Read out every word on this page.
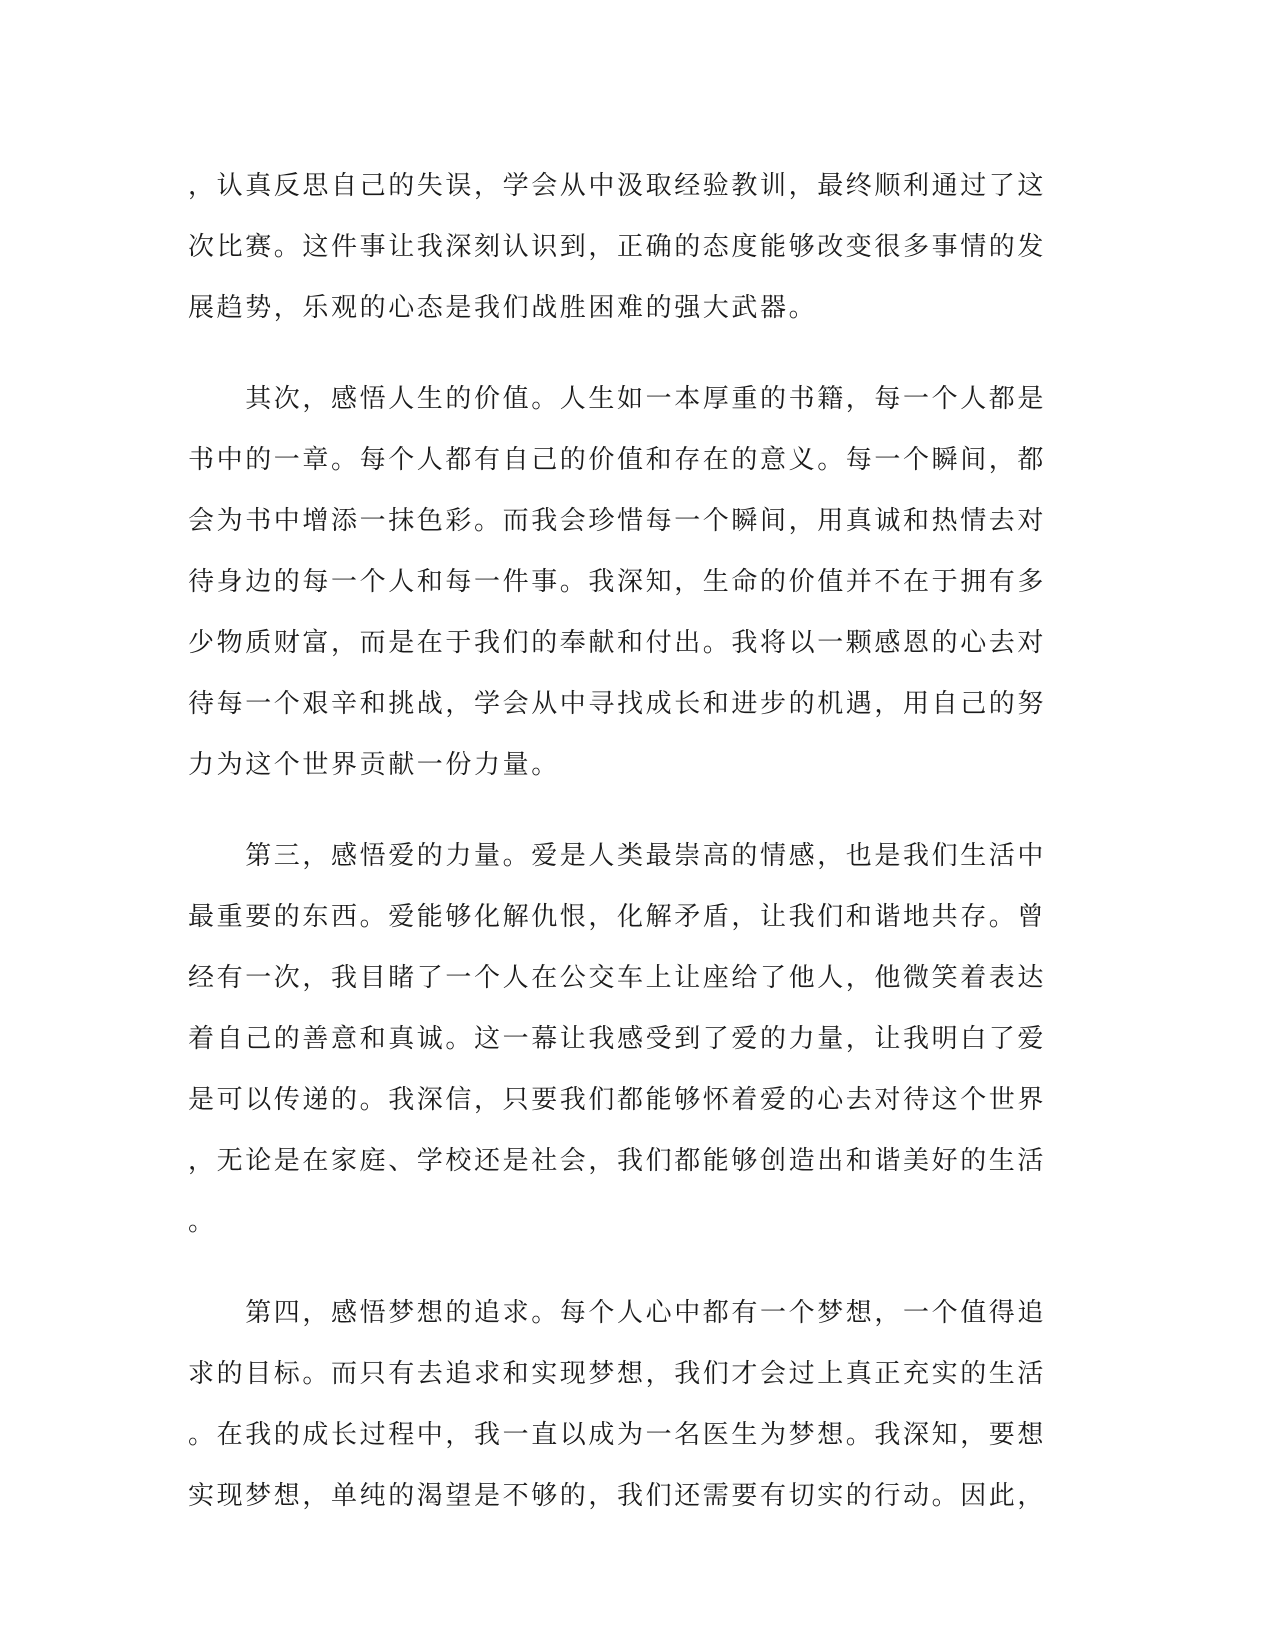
，认真反思自己的失误，学会从中汲取经验教训，最终顺利通过了这
次比赛。这件事让我深刻认识到，正确的态度能够改变很多事情的发
展趋势，乐观的心态是我们战胜困难的强大武器。
　　其次，感悟人生的价值。人生如一本厚重的书籍，每一个人都是
书中的一章。每个人都有自己的价值和存在的意义。每一个瞬间，都
会为书中增添一抹色彩。而我会珍惜每一个瞬间，用真诚和热情去对
待身边的每一个人和每一件事。我深知，生命的价值并不在于拥有多
少物质财富，而是在于我们的奉献和付出。我将以一颗感恩的心去对
待每一个艰辛和挑战，学会从中寻找成长和进步的机遇，用自己的努
力为这个世界贡献一份力量。
　　第三，感悟爱的力量。爱是人类最崇高的情感，也是我们生活中
最重要的东西。爱能够化解仇恨，化解矛盾，让我们和谐地共存。曾
经有一次，我目睹了一个人在公交车上让座给了他人，他微笑着表达
着自己的善意和真诚。这一幕让我感受到了爱的力量，让我明白了爱
是可以传递的。我深信，只要我们都能够怀着爱的心去对待这个世界
，无论是在家庭、学校还是社会，我们都能够创造出和谐美好的生活
。
　　第四，感悟梦想的追求。每个人心中都有一个梦想，一个值得追
求的目标。而只有去追求和实现梦想，我们才会过上真正充实的生活
。在我的成长过程中，我一直以成为一名医生为梦想。我深知，要想
实现梦想，单纯的渴望是不够的，我们还需要有切实的行动。因此，
